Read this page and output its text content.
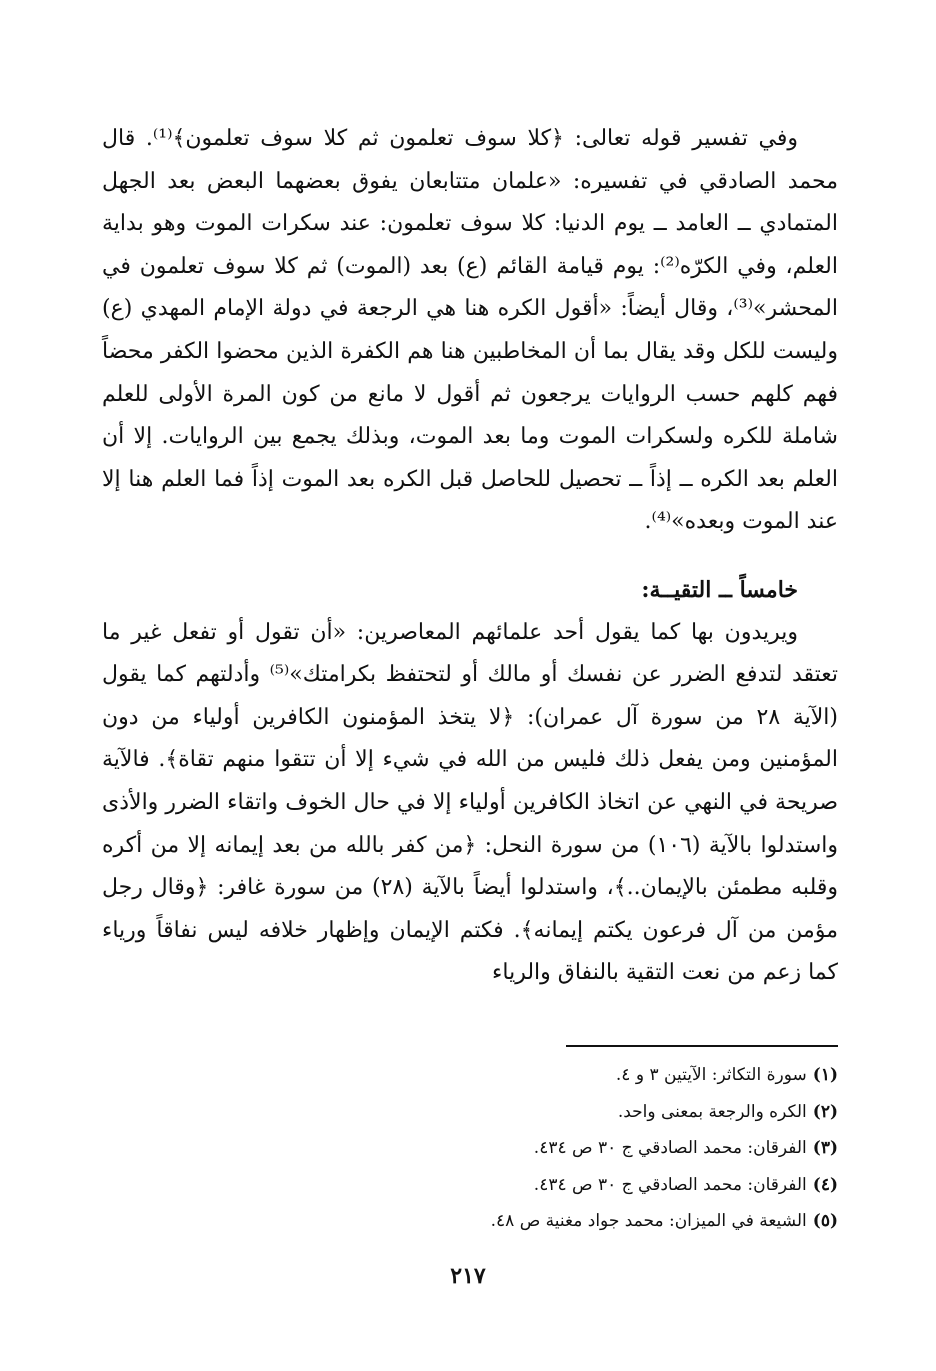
وفي تفسير قوله تعالى: ﴿كلا سوف تعلمون ثم كلا سوف تعلمون﴾⁽¹⁾. قال محمد الصادقي في تفسيره: «علمان متتابعان يفوق بعضهما البعض بعد الجهل المتمادي ــ العامد ــ يوم الدنيا: كلا سوف تعلمون: عند سكرات الموت وهو بداية العلم، وفي الكرّه⁽²⁾: يوم قيامة القائم (ع) بعد (الموت) ثم كلا سوف تعلمون في المحشر»⁽³⁾، وقال أيضاً: «أقول الكره هنا هي الرجعة في دولة الإمام المهدي (ع) وليست للكل وقد يقال بما أن المخاطبين هنا هم الكفرة الذين محضوا الكفر محضاً فهم كلهم حسب الروايات يرجعون ثم أقول لا مانع من كون المرة الأولى للعلم شاملة للكره ولسكرات الموت وما بعد الموت، وبذلك يجمع بين الروايات. إلا أن العلم بعد الكره ــ إذاً ــ تحصيل للحاصل قبل الكره بعد الموت إذاً فما العلم هنا إلا عند الموت وبعده»⁽⁴⁾.

خامساً ــ التقيــة:

ويريدون بها كما يقول أحد علمائهم المعاصرين: «أن تقول أو تفعل غير ما تعتقد لتدفع الضرر عن نفسك أو مالك أو لتحتفظ بكرامتك»⁽⁵⁾ وأدلتهم كما يقول (الآية ٢٨ من سورة آل عمران): ﴿لا يتخذ المؤمنون الكافرين أولياء من دون المؤمنين ومن يفعل ذلك فليس من الله في شيء إلا أن تتقوا منهم تقاة﴾. فالآية صريحة في النهي عن اتخاذ الكافرين أولياء إلا في حال الخوف واتقاء الضرر والأذى واستدلوا بالآية (١٠٦) من سورة النحل: ﴿من كفر بالله من بعد إيمانه إلا من أكره وقلبه مطمئن بالإيمان..﴾، واستدلوا أيضاً بالآية (٢٨) من سورة غافر: ﴿وقال رجل مؤمن من آل فرعون يكتم إيمانه﴾. فكتم الإيمان وإظهار خلافه ليس نفاقاً ورياء كما زعم من نعت التقية بالنفاق والرياء

(١)سورة التكاثر: الآيتين ٣ و ٤.

(٢)الكره والرجعة بمعنى واحد.

(٣)الفرقان: محمد الصادقي ج ٣٠ ص ٤٣٤.

(٤)الفرقان: محمد الصادقي ج ٣٠ ص ٤٣٤.

(٥)الشيعة في الميزان: محمد جواد مغنية ص ٤٨.

٢١٧
